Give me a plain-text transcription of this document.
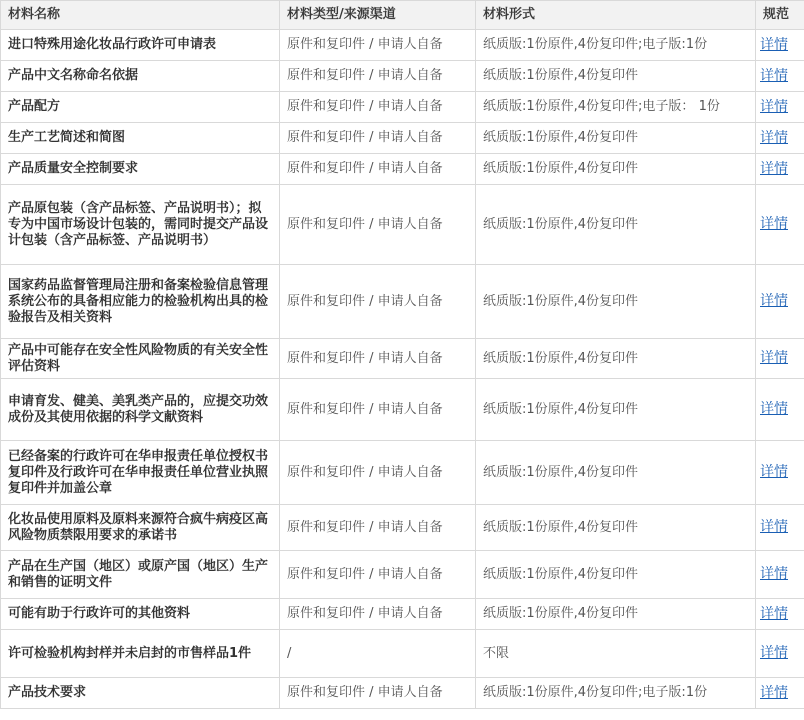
材料名称	材料类型/来源渠道	材料形式	规范
进口特殊用途化妆品行政许可申请表	原件和复印件 / 申请人自备	纸质版:1份原件,4份复印件;电子版:1份	详情
产品中文名称命名依据	原件和复印件 / 申请人自备	纸质版:1份原件,4份复印件	详情
产品配方	原件和复印件 / 申请人自备	纸质版:1份原件,4份复印件;电子版： 1份	详情
生产工艺简述和简图	原件和复印件 / 申请人自备	纸质版:1份原件,4份复印件	详情
产品质量安全控制要求	原件和复印件 / 申请人自备	纸质版:1份原件,4份复印件	详情
产品原包装（含产品标签、产品说明书）；拟专为中国市场设计包装的，需同时提交产品设计包装（含产品标签、产品说明书）	原件和复印件 / 申请人自备	纸质版:1份原件,4份复印件	详情
国家药品监督管理局注册和备案检验信息管理系统公布的具备相应能力的检验机构出具的检验报告及相关资料	原件和复印件 / 申请人自备	纸质版:1份原件,4份复印件	详情
产品中可能存在安全性风险物质的有关安全性评估资料	原件和复印件 / 申请人自备	纸质版:1份原件,4份复印件	详情
申请育发、健美、美乳类产品的，应提交功效成份及其使用依据的科学文献资料	原件和复印件 / 申请人自备	纸质版:1份原件,4份复印件	详情
已经备案的行政许可在华申报责任单位授权书复印件及行政许可在华申报责任单位营业执照复印件并加盖公章	原件和复印件 / 申请人自备	纸质版:1份原件,4份复印件	详情
化妆品使用原料及原料来源符合疯牛病疫区高风险物质禁限用要求的承诺书	原件和复印件 / 申请人自备	纸质版:1份原件,4份复印件	详情
产品在生产国（地区）或原产国（地区）生产和销售的证明文件	原件和复印件 / 申请人自备	纸质版:1份原件,4份复印件	详情
可能有助于行政许可的其他资料	原件和复印件 / 申请人自备	纸质版:1份原件,4份复印件	详情
许可检验机构封样并未启封的市售样品1件	/	不限	详情
产品技术要求	原件和复印件 / 申请人自备	纸质版:1份原件,4份复印件;电子版:1份	详情
